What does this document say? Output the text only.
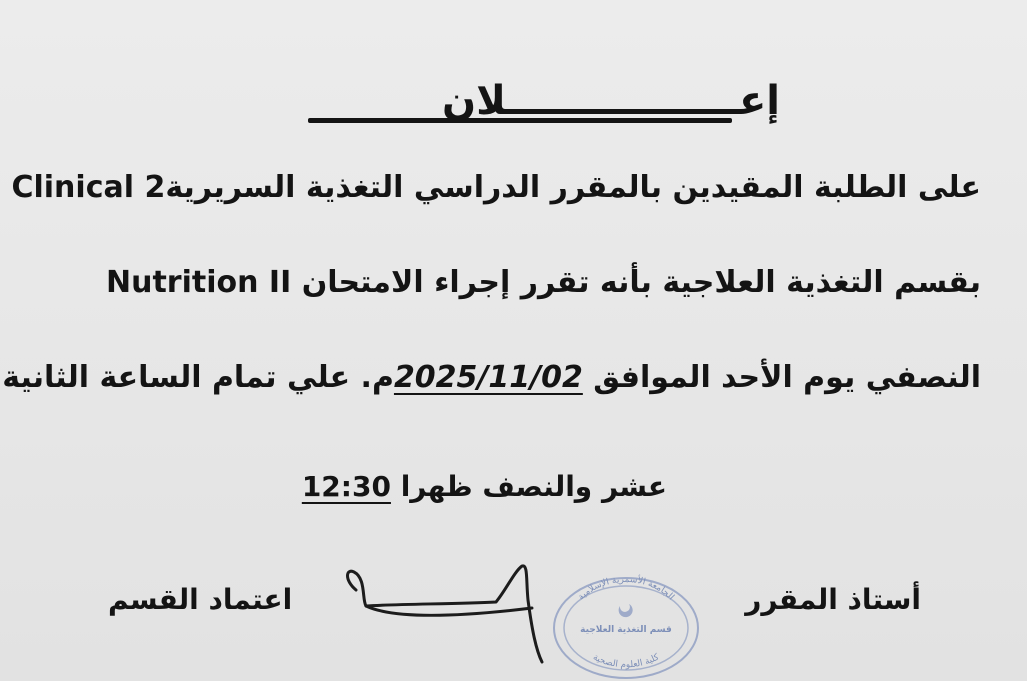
إعـــــــــــــــــلان
على الطلبة المقيدين بالمقرر الدراسي التغذية السريرية2 Clinical
Nutrition II بقسم التغذية العلاجية بأنه تقرر إجراء الامتحان
النصفي يوم الأحد الموافق 2025/11/02م. علي تمام الساعة الثانية
عشر والنصف ظهرا 12:30
أستاذ المقرر
اعتماد القسم	الجامعة الأسمرية الإسلامية
قسم التغذية العلاجية
كلية العلوم الصحية
